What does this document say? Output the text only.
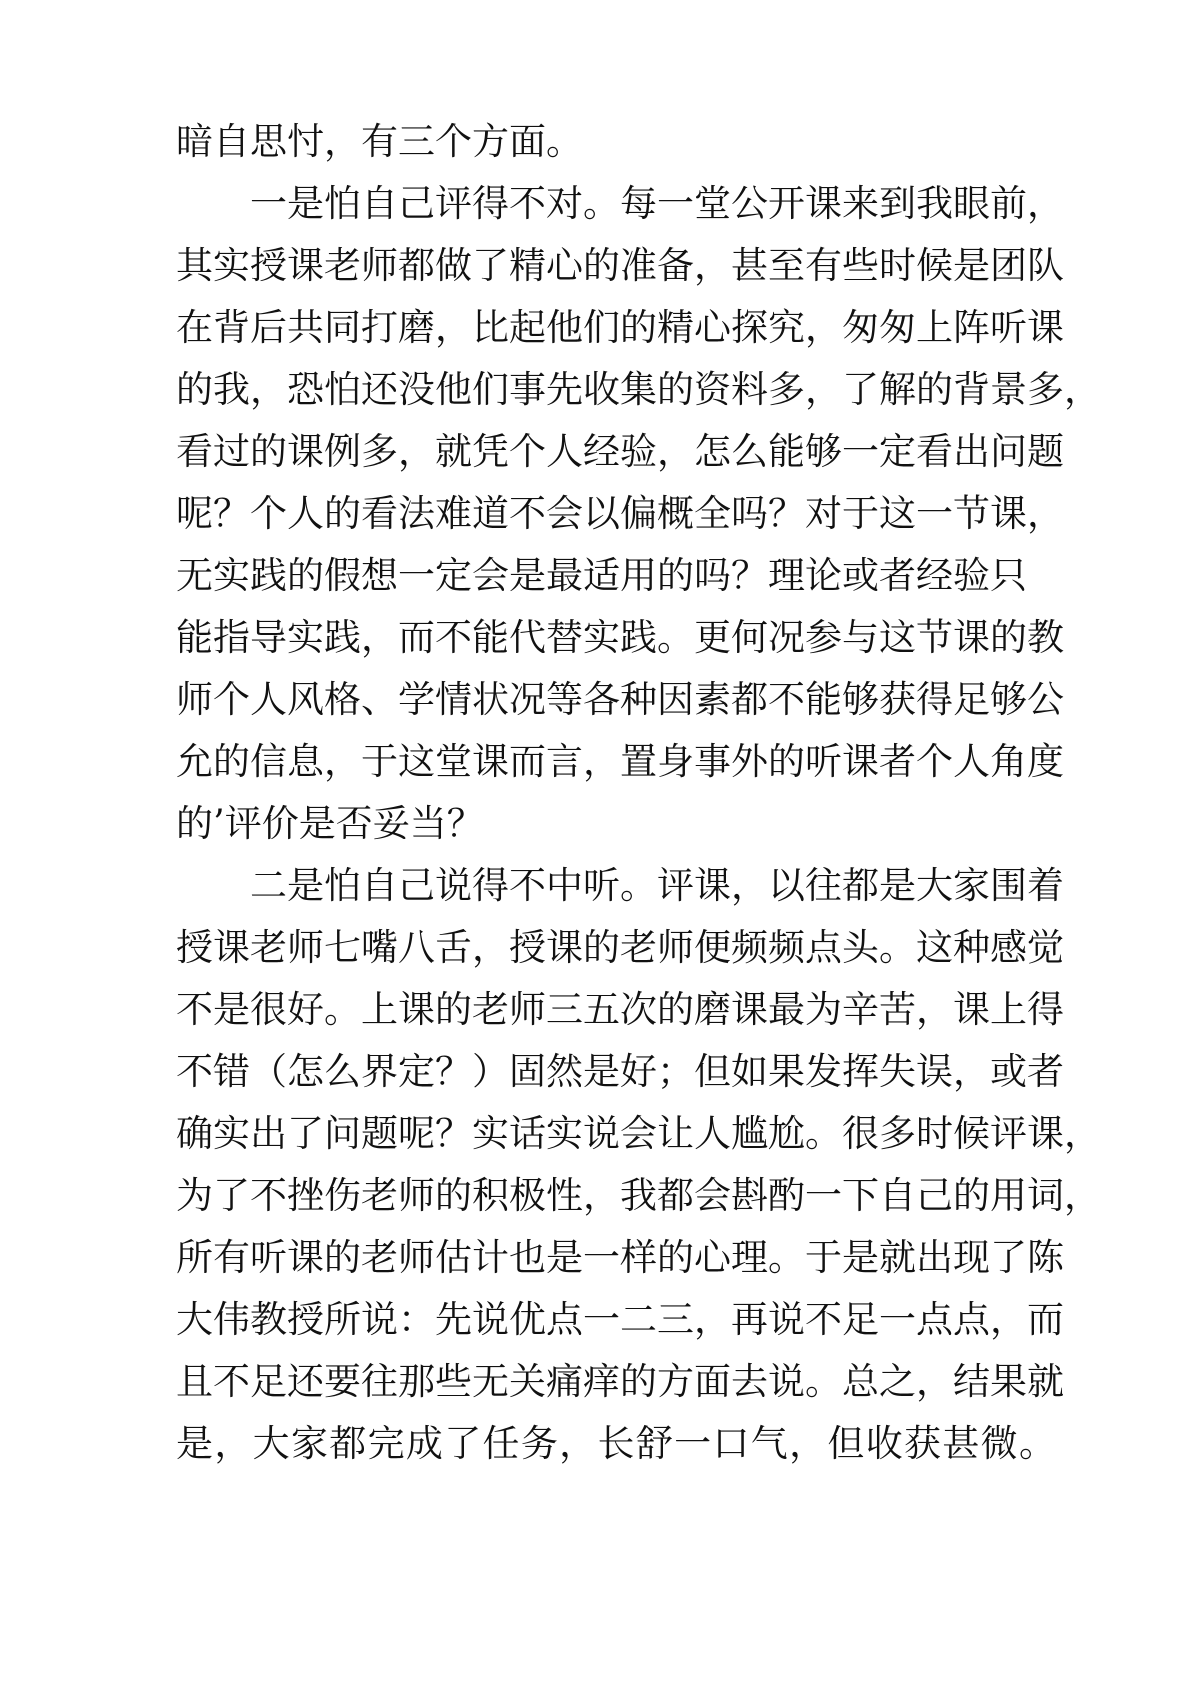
暗自思忖，有三个方面。
一是怕自己评得不对。每一堂公开课来到我眼前，
其实授课老师都做了精心的准备，甚至有些时候是团队
在背后共同打磨，比起他们的精心探究，匆匆上阵听课
的我，恐怕还没他们事先收集的资料多，了解的背景多，
看过的课例多，就凭个人经验，怎么能够一定看出问题
呢？个人的看法难道不会以偏概全吗？对于这一节课，
无实践的假想一定会是最适用的吗？理论或者经验只
能指导实践，而不能代替实践。更何况参与这节课的教
师个人风格、学情状况等各种因素都不能够获得足够公
允的信息，于这堂课而言，置身事外的听课者个人角度
的’评价是否妥当？
二是怕自己说得不中听。评课，以往都是大家围着
授课老师七嘴八舌，授课的老师便频频点头。这种感觉
不是很好。上课的老师三五次的磨课最为辛苦，课上得
不错（怎么界定？）固然是好；但如果发挥失误，或者
确实出了问题呢？实话实说会让人尴尬。很多时候评课，
为了不挫伤老师的积极性，我都会斟酌一下自己的用词，
所有听课的老师估计也是一样的心理。于是就出现了陈
大伟教授所说：先说优点一二三，再说不足一点点，而
且不足还要往那些无关痛痒的方面去说。总之，结果就
是，大家都完成了任务，长舒一口气，但收获甚微。
